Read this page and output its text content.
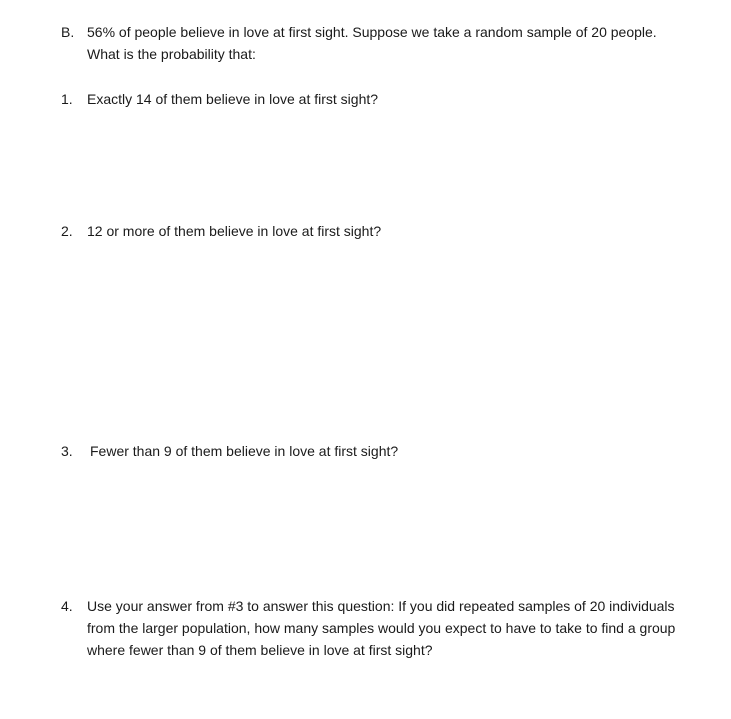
B. 56% of people believe in love at first sight. Suppose we take a random sample of 20 people.
What is the probability that:
1. Exactly 14 of them believe in love at first sight?
2. 12 or more of them believe in love at first sight?
3. Fewer than 9 of them believe in love at first sight?
4. Use your answer from #3 to answer this question: If you did repeated samples of 20 individuals
from the larger population, how many samples would you expect to have to take to find a group
where fewer than 9 of them believe in love at first sight?
